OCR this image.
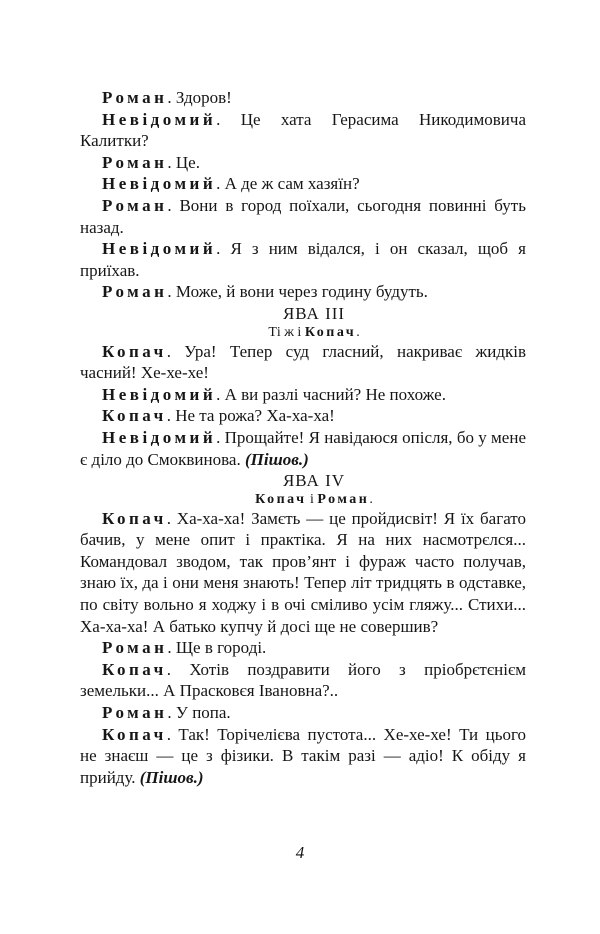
Роман. Здоров!

Невідомий. Це хата Герасима Никодимовича Калитки?

Роман. Це.

Невідомий. А де ж сам хазяїн?

Роман. Вони в город поїхали, сьогодня повинні буть назад.

Невідомий. Я з ним відался, і он сказал, щоб я приїхав.

Роман. Може, й вони через годину будуть.

ЯВА III

Ті ж і Копач.

Копач. Ура! Тепер суд гласний, накриває жидків часний! Хе-хе-хе!

Невідомий. А ви разлі часний? Не похоже.

Копач. Не та рожа? Ха-ха-ха!

Невідомий. Прощайте! Я навідаюся опісля, бо у мене є діло до Смоквинова. (Пішов.)

ЯВА IV

Копач і Роман.

Копач. Ха-ха-ха! Замєть — це пройдисвіт! Я їх багато бачив, у мене опит і практіка. Я на них насмотрєлся... Командовал зводом, так пров’янт і фураж часто получав, знаю їх, да і они меня знають! Тепер літ тридцять в одставке, по світу вольно я ходжу і в очі сміливо усім гляжу... Стихи... Ха-ха-ха! А батько купчу й досі ще не совершив?

Роман. Ще в городі.

Копач. Хотів поздравити його з пріобрєтєнієм земельки... А Прасковєя Івановна?..

Роман. У попа.

Копач. Так! Торічелієва пустота... Хе-хе-хе! Ти цього не знаєш — це з фізики. В такім разі — адіо! К обіду я прийду. (Пішов.)

4
